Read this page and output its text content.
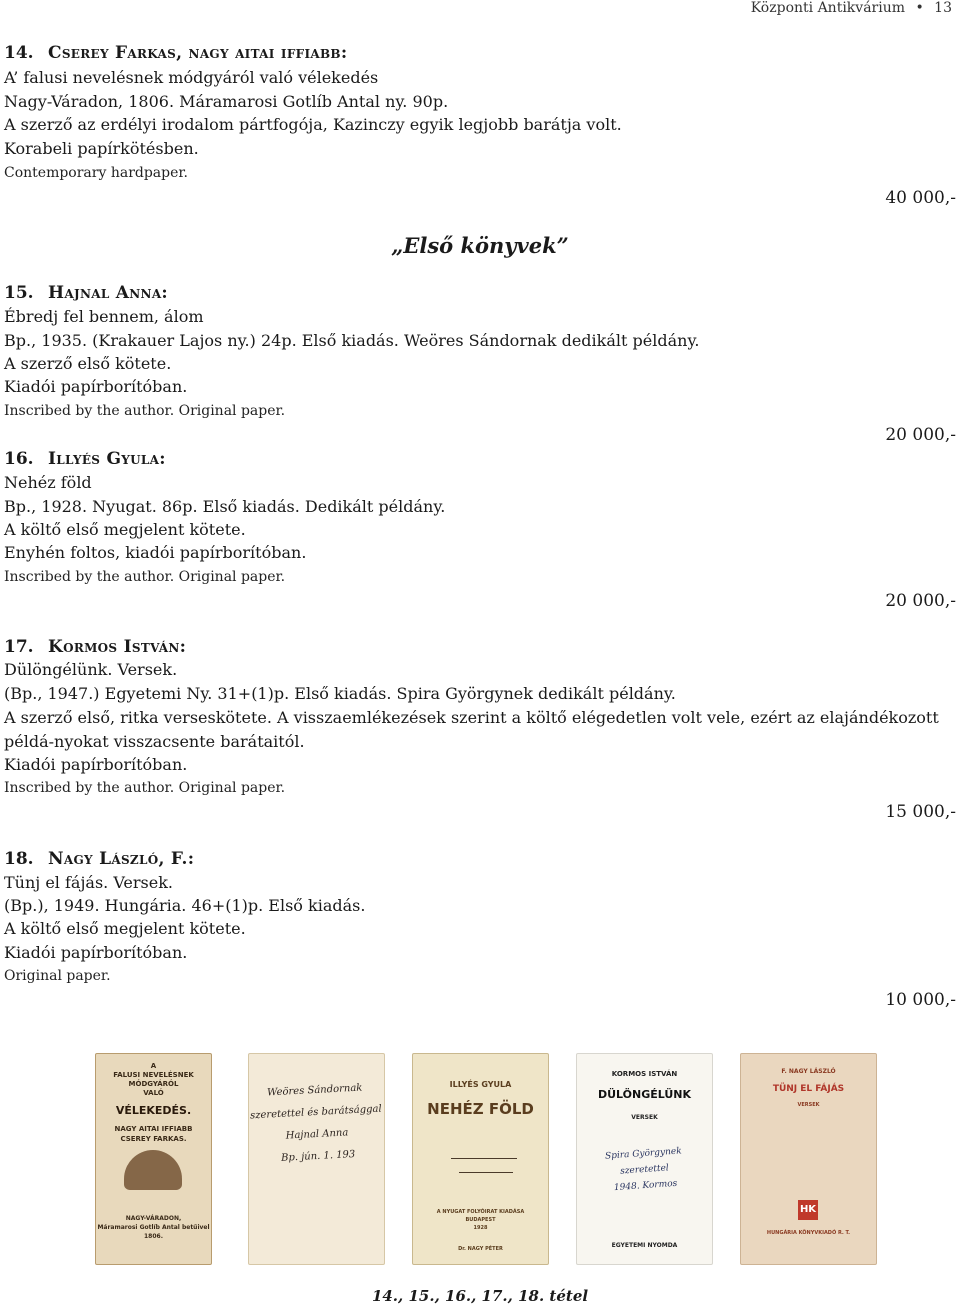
Központi Antikvárium • 13
14. Cserey Farkas, nagy aitai iffiabb:
A’ falusi nevelésnek módgyáról való vélekedés
Nagy-Váradon, 1806. Máramarosi Gotlíb Antal ny. 90p.
A szerző az erdélyi irodalom pártfogója, Kazinczy egyik legjobb barátja volt.
Korabeli papírkötésben.
Contemporary hardpaper.
40 000,-
„Első könyvek”
15. Hajnal Anna:
Ébredj fel bennem, álom
Bp., 1935. (Krakauer Lajos ny.) 24p. Első kiadás. Weöres Sándornak dedikált példány.
A szerző első kötete.
Kiadói papírborítóban.
Inscribed by the author. Original paper.
20 000,-
16. Illyés Gyula:
Nehéz föld
Bp., 1928. Nyugat. 86p. Első kiadás. Dedikált példány.
A költő első megjelent kötete.
Enyhén foltos, kiadói papírborítóban.
Inscribed by the author. Original paper.
20 000,-
17. Kormos István:
Dülöngélünk. Versek.
(Bp., 1947.) Egyetemi Ny. 31+(1)p. Első kiadás. Spira Györgynek dedikált példány.
A szerző első, ritka verseskötete. A visszaemlékezések szerint a költő elégedetlen volt vele, ezért az elajándékozott példá-nyokat visszacsente barátaitól.
Kiadói papírborítóban.
Inscribed by the author. Original paper.
15 000,-
18. Nagy László, F.:
Tünj el fájás. Versek.
(Bp.), 1949. Hungária. 46+(1)p. Első kiadás.
A költő első megjelent kötete.
Kiadói papírborítóban.
Original paper.
10 000,-
A
FALUSI NEVELÉSNEK
MÓDGYÁRÓL
VALÓ
VÉLEKEDÉS.
NAGY AITAI IFFIABB
CSEREY FARKAS.
NAGY-VÁRADON,
Máramarosi Gotlíb Antal betűivel
1806.
Weöres Sándornak
szeretettel és barátsággal
Hajnal Anna
Bp. jún. 1. 193
ILLYÉS GYULA
NEHÉZ FÖLD
A NYUGAT FOLYÓIRAT KIADÁSA
BUDAPEST
1928
Dr. NAGY PÉTER
KORMOS ISTVÁN
DÜLÖNGÉLÜNK
VERSEK
Spira Györgynek
szeretettel
1948. Kormos
EGYETEMI NYOMDA
F. NAGY LÁSZLÓ
TÜNJ EL FÁJÁS
VERSEK
HK
HUNGÁRIA KÖNYVKIADÓ R. T.
14., 15., 16., 17., 18. tétel
